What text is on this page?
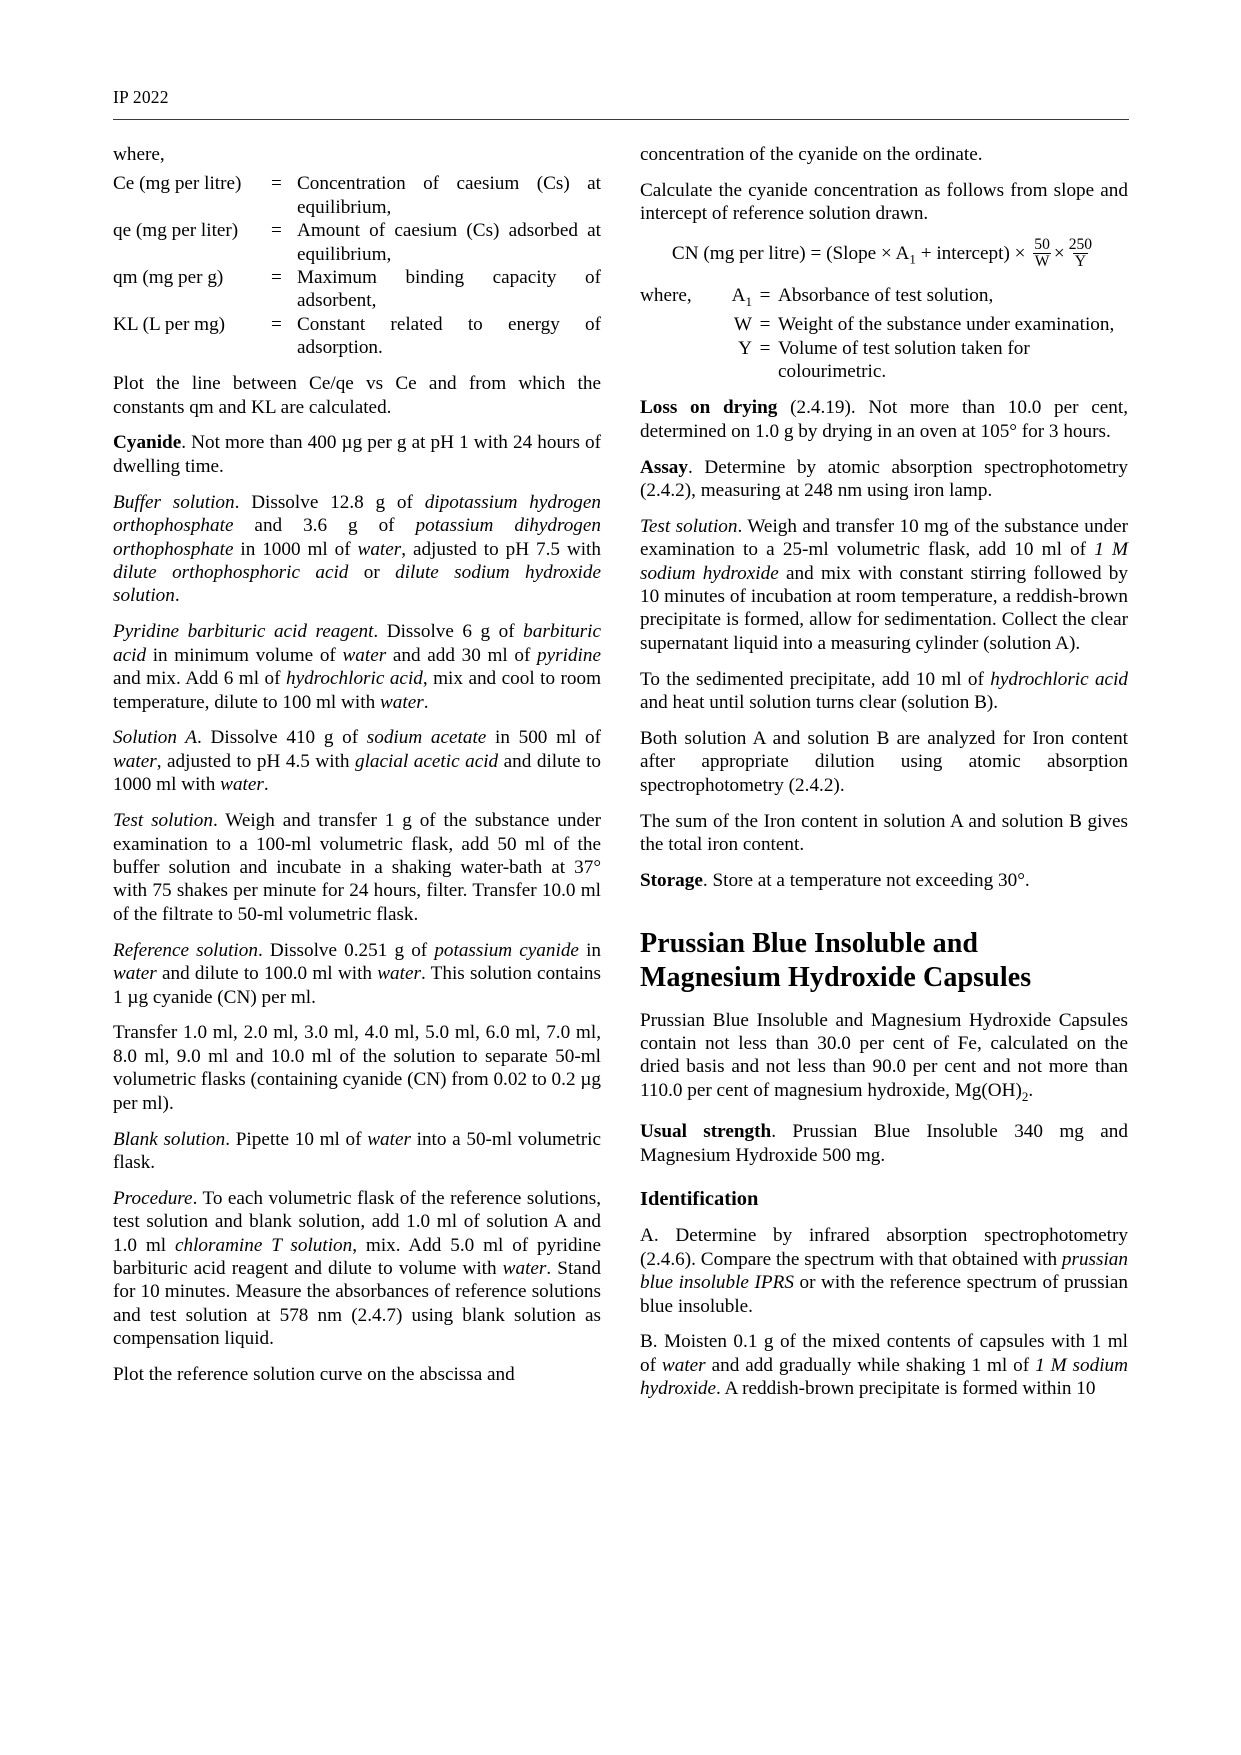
IP 2022

where,

Ce (mg per litre)	= Concentration of caesium (Cs) at equilibrium,
qe (mg per liter)	= Amount of caesium (Cs) adsorbed at equilibrium,
qm (mg per g)	= Maximum binding capacity of adsorbent,
KL (L per mg)	= Constant related to energy of adsorption.

Plot the line between Ce/qe vs Ce and from which the constants qm and KL are calculated.

Cyanide. Not more than 400 µg per g at pH 1 with 24 hours of dwelling time.

Buffer solution. Dissolve 12.8 g of dipotassium hydrogen orthophosphate and 3.6 g of potassium dihydrogen orthophosphate in 1000 ml of water, adjusted to pH 7.5 with dilute orthophosphoric acid or dilute sodium hydroxide solution.

Pyridine barbituric acid reagent. Dissolve 6 g of barbituric acid in minimum volume of water and add 30 ml of pyridine and mix. Add 6 ml of hydrochloric acid, mix and cool to room temperature, dilute to 100 ml with water.

Solution A. Dissolve 410 g of sodium acetate in 500 ml of water, adjusted to pH 4.5 with glacial acetic acid and dilute to 1000 ml with water.

Test solution. Weigh and transfer 1 g of the substance under examination to a 100-ml volumetric flask, add 50 ml of the buffer solution and incubate in a shaking water-bath at 37° with 75 shakes per minute for 24 hours, filter. Transfer 10.0 ml of the filtrate to 50-ml volumetric flask.

Reference solution. Dissolve 0.251 g of potassium cyanide in water and dilute to 100.0 ml with water. This solution contains 1 µg cyanide (CN) per ml.

Transfer 1.0 ml, 2.0 ml, 3.0 ml, 4.0 ml, 5.0 ml, 6.0 ml, 7.0 ml, 8.0 ml, 9.0 ml and 10.0 ml of the solution to separate 50-ml volumetric flasks (containing cyanide (CN) from 0.02 to 0.2 µg per ml).

Blank solution. Pipette 10 ml of water into a 50-ml volumetric flask.

Procedure. To each volumetric flask of the reference solutions, test solution and blank solution, add 1.0 ml of solution A and 1.0 ml chloramine T solution, mix. Add 5.0 ml of pyridine barbituric acid reagent and dilute to volume with water. Stand for 10 minutes. Measure the absorbances of reference solutions and test solution at 578 nm (2.4.7) using blank solution as compensation liquid.

Plot the reference solution curve on the abscissa and

concentration of the cyanide on the ordinate.

Calculate the cyanide concentration as follows from slope and intercept of reference solution drawn.

CN (mg per litre) = (Slope × $A_1$ + intercept) × $\frac{50}{W} \times \frac{250}{Y}$
where,	$A_1$ = Absorbance of test solution,
W = Weight of the substance under examination,
Y = Volume of test solution taken for colourimetric.

Loss on drying (2.4.19). Not more than 10.0 per cent, determined on 1.0 g by drying in an oven at 105° for 3 hours.

Assay. Determine by atomic absorption spectrophotometry (2.4.2), measuring at 248 nm using iron lamp.

Test solution. Weigh and transfer 10 mg of the substance under examination to a 25-ml volumetric flask, add 10 ml of 1 M sodium hydroxide and mix with constant stirring followed by 10 minutes of incubation at room temperature, a reddish-brown precipitate is formed, allow for sedimentation. Collect the clear supernatant liquid into a measuring cylinder (solution A).

To the sedimented precipitate, add 10 ml of hydrochloric acid and heat until solution turns clear (solution B).

Both solution A and solution B are analyzed for Iron content after appropriate dilution using atomic absorption spectrophotometry (2.4.2).

The sum of the Iron content in solution A and solution B gives the total iron content.

Storage. Store at a temperature not exceeding 30°.

Prussian Blue Insoluble and
Magnesium Hydroxide Capsules

Prussian Blue Insoluble and Magnesium Hydroxide Capsules contain not less than 30.0 per cent of Fe, calculated on the dried basis and not less than 90.0 per cent and not more than 110.0 per cent of magnesium hydroxide, $Mg(OH)_2$.

Usual strength. Prussian Blue Insoluble 340 mg and Magnesium Hydroxide 500 mg.

Identification

A. Determine by infrared absorption spectrophotometry (2.4.6). Compare the spectrum with that obtained with prussian blue insoluble IPRS or with the reference spectrum of prussian blue insoluble.

B. Moisten 0.1 g of the mixed contents of capsules with 1 ml of water and add gradually while shaking 1 ml of 1 M sodium hydroxide. A reddish-brown precipitate is formed within 10
